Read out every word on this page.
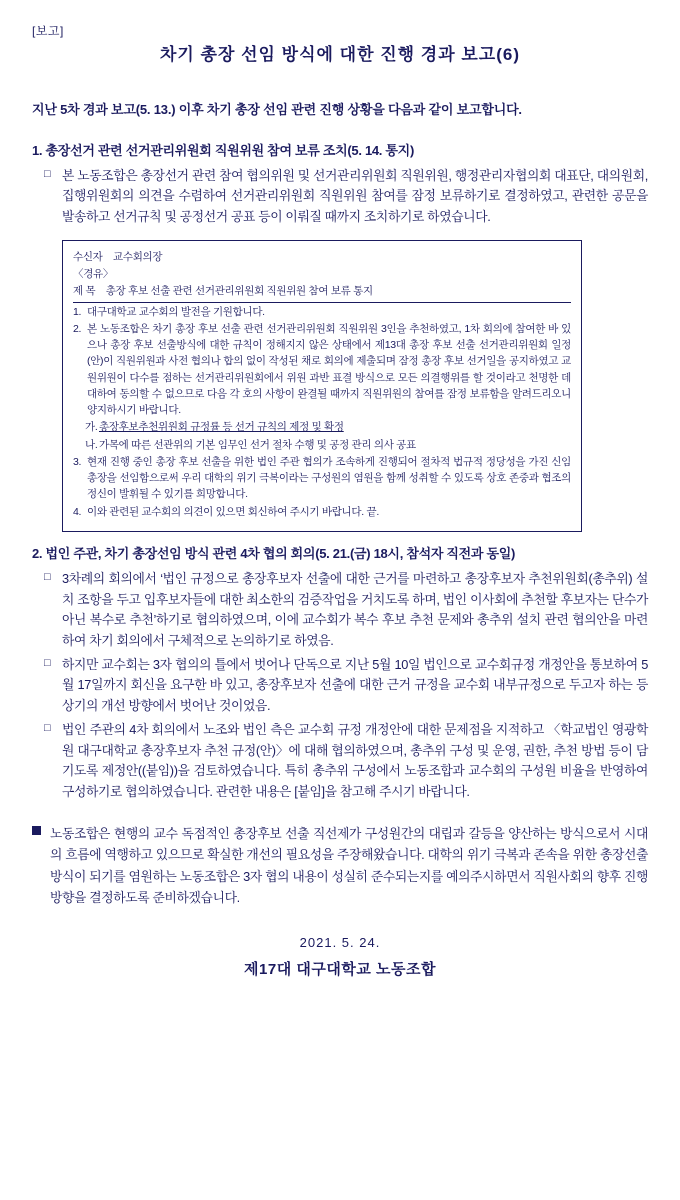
[보고]
차기 총장 선임 방식에 대한 진행 경과 보고(6)
지난 5차 경과 보고(5. 13.) 이후 차기 총장 선임 관련 진행 상황을 다음과 같이 보고합니다.
1. 총장선거 관련 선거관리위원회 직원위원 참여 보류 조치(5. 14. 통지)
□ 본 노동조합은 총장선거 관련 참여 협의위원 및 선거관리위원회 직원위원, 행정관리자협의회 대표단, 대의원회, 집행위원회의 의견을 수렴하여 선거관리위원회 직원위원 참여를 잠정 보류하기로 결정하였고, 관련한 공문을 발송하고 선거규칙 및 공정선거 공표 등이 이뤄질 때까지 조치하기로 하였습니다.
수신자 교수회의장
〈경유〉
제 목 총장 후보 선출 관련 선거관리위원회 직원위원 참여 보류 통지
1. 대구대학교 교수회의 발전을 기원합니다.
2. 본 노동조합은 차기 총장 후보 선출 관련 선거관리위원회 직원위원 3인을 추천하였고, 1차 회의에 참여한 바 있으나 총장 후보 선출방식에 대한 규칙이 정해지지 않은 상태에서 제13대 총장 후보 선출 선거관리위원회 일정(안)이 직원위원과 사전 협의나 합의 없이 작성된 채로 회의에 제출되며 잠정 총장 후보 선거일을 공지하였고 교원위원이 다수를 점하는 선거관리위원회에서 위원 과반 표결 방식으로 모든 의결행위를 할 것이라고 천명한 데 대하여 동의할 수 없으므로 다음 각 호의 사항이 완결될 때까지 직원위원의 참여를 잠정 보류함을 알려드리오니 양지하시기 바랍니다.
가. 총장후보추천위원회 규정률 등 선거 규칙의 제정 및 확정
나. 가목에 따른 선관위의 기본 임무인 선거 절차 수행 및 공정 관리 의사 공표
3. 현재 진행 중인 총장 후보 선출을 위한 법인 주관 협의가 조속하게 진행되어 절차적 법규적 정당성을 가진 신임 총장을 선임함으로써 우리 대학의 위기 극복이라는 구성원의 염원을 함께 성취할 수 있도록 상호 존중과 협조의 정신이 발휘될 수 있기를 희망합니다.
4. 이와 관련된 교수회의 의견이 있으면 회신하여 주시기 바랍니다. 끝.
2. 법인 주관, 차기 총장선임 방식 관련 4차 협의 회의(5. 21.(금) 18시, 참석자 직전과 동일)
□ 3차례의 회의에서 ‘법인 규정으로 총장후보자 선출에 대한 근거를 마련하고 총장후보자 추천위원회(총추위) 설치 조항을 두고 입후보자들에 대한 최소한의 검증작업을 거치도록 하며, 법인 이사회에 추천할 후보자는 단수가 아닌 복수로 추천’하기로 협의하였으며, 이에 교수회가 복수 후보 추천 문제와 총추위 설치 관련 협의안을 마련하여 차기 회의에서 구체적으로 논의하기로 하였음.
□ 하지만 교수회는 3자 협의의 틀에서 벗어나 단독으로 지난 5월 10일 법인으로 교수회규정 개정안을 통보하여 5월 17일까지 회신을 요구한 바 있고, 총장후보자 선출에 대한 근거 규정을 교수회 내부규정으로 두고자 하는 등 상기의 개선 방향에서 벗어난 것이었음.
□ 법인 주관의 4차 회의에서 노조와 법인 측은 교수회 규정 개정안에 대한 문제점을 지적하고 〈학교법인 영광학원 대구대학교 총장후보자 추천 규정(안)〉에 대해 협의하였으며, 총추위 구성 및 운영, 권한, 추천 방법 등이 담기도록 제정안((붙임))을 검토하였습니다. 특히 총추위 구성에서 노동조합과 교수회의 구성원 비율을 반영하여 구성하기로 협의하였습니다. 관련한 내용은 [붙임]을 참고해 주시기 바랍니다.
노동조합은 현행의 교수 독점적인 총장후보 선출 직선제가 구성원간의 대립과 갈등을 양산하는 방식으로서 시대의 흐름에 역행하고 있으므로 확실한 개선의 필요성을 주장해왔습니다. 대학의 위기 극복과 존속을 위한 총장선출 방식이 되기를 염원하는 노동조합은 3자 협의 내용이 성실히 준수되는지를 예의주시하면서 직원사회의 향후 진행 방향을 결정하도록 준비하겠습니다.
2021. 5. 24.
제17대 대구대학교 노동조합
